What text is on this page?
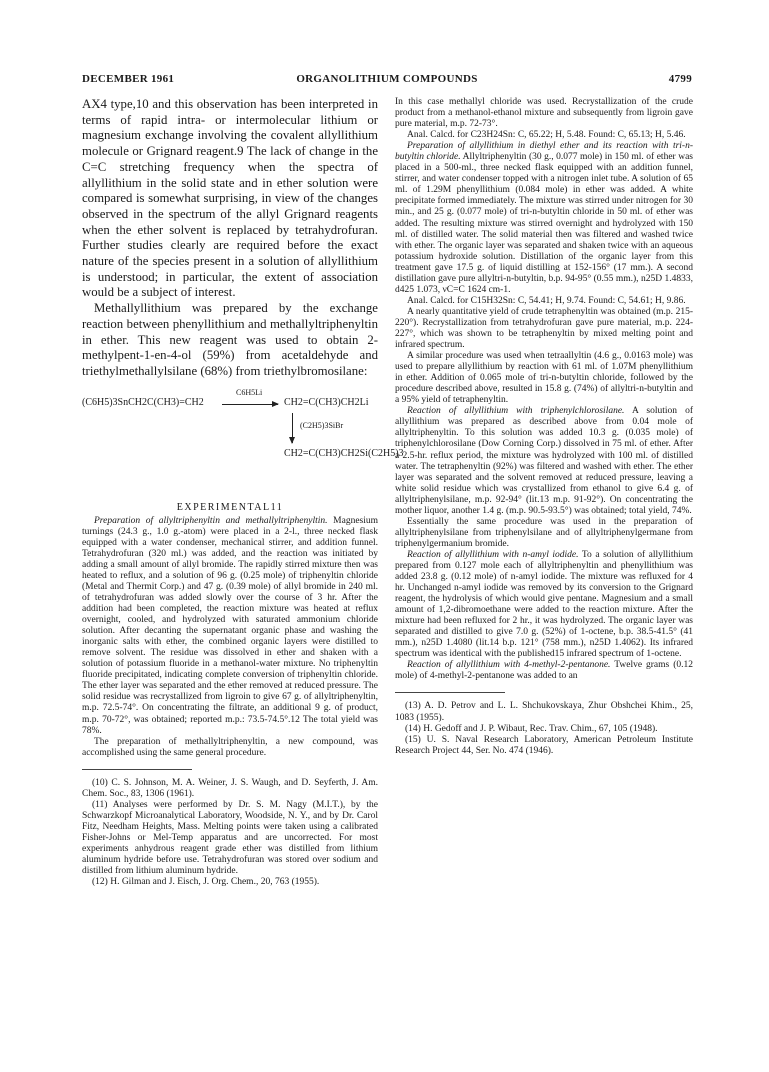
DECEMBER 1961	ORGANOLITHIUM COMPOUNDS	4799

AX4 type,10 and this observation has been interpreted in terms of rapid intra- or intermolecular lithium or magnesium exchange involving the covalent allyllithium molecule or Grignard reagent.9 The lack of change in the C=C stretching frequency when the spectra of allyllithium in the solid state and in ether solution were compared is somewhat surprising, in view of the changes observed in the spectrum of the allyl Grignard reagents when the ether solvent is replaced by tetrahydrofuran. Further studies clearly are required before the exact nature of the species present in a solution of allyllithium is understood; in particular, the extent of association would be a subject of interest.

Methallyllithium was prepared by the exchange reaction between phenyllithium and methallyltriphenyltin in ether. This new reagent was used to obtain 2-methylpent-1-en-4-ol (59%) from acetaldehyde and triethylmethallylsilane (68%) from triethylbromosilane:

(C6H5)3SnCH2C(CH3)=CH2
C6H5Li
CH2=C(CH3)CH2Li
(C2H5)3SiBr
CH2=C(CH3)CH2Si(C2H5)3
EXPERIMENTAL11

Preparation of allyltriphenyltin and methallyltriphenyltin. Magnesium turnings (24.3 g., 1.0 g.-atom) were placed in a 2-l., three necked flask equipped with a water condenser, mechanical stirrer, and addition funnel. Tetrahydrofuran (320 ml.) was added, and the reaction was initiated by adding a small amount of allyl bromide. The rapidly stirred mixture then was heated to reflux, and a solution of 96 g. (0.25 mole) of triphenyltin chloride (Metal and Thermit Corp.) and 47 g. (0.39 mole) of allyl bromide in 240 ml. of tetrahydrofuran was added slowly over the course of 3 hr. After the addition had been completed, the reaction mixture was heated at reflux overnight, cooled, and hydrolyzed with saturated ammonium chloride solution. After decanting the supernatant organic phase and washing the inorganic salts with ether, the combined organic layers were distilled to remove solvent. The residue was dissolved in ether and shaken with a solution of potassium fluoride in a methanol-water mixture. No triphenyltin fluoride precipitated, indicating complete conversion of triphenyltin chloride. The ether layer was separated and the ether removed at reduced pressure. The solid residue was recrystallized from ligroin to give 67 g. of allyltriphenyltin, m.p. 72.5-74°. On concentrating the filtrate, an additional 9 g. of product, m.p. 70-72°, was obtained; reported m.p.: 73.5-74.5°.12 The total yield was 78%.

The preparation of methallyltriphenyltin, a new compound, was accomplished using the same general procedure.

(10) C. S. Johnson, M. A. Weiner, J. S. Waugh, and D. Seyferth, J. Am. Chem. Soc., 83, 1306 (1961).

(11) Analyses were performed by Dr. S. M. Nagy (M.I.T.), by the Schwarzkopf Microanalytical Laboratory, Woodside, N. Y., and by Dr. Carol Fitz, Needham Heights, Mass. Melting points were taken using a calibrated Fisher-Johns or Mel-Temp apparatus and are uncorrected. For most experiments anhydrous reagent grade ether was distilled from lithium aluminum hydride before use. Tetrahydrofuran was stored over sodium and distilled from lithium aluminum hydride.

(12) H. Gilman and J. Eisch, J. Org. Chem., 20, 763 (1955).

In this case methallyl chloride was used. Recrystallization of the crude product from a methanol-ethanol mixture and subsequently from ligroin gave pure material, m.p. 72-73°.

Anal. Calcd. for C23H24Sn: C, 65.22; H, 5.48. Found: C, 65.13; H, 5.46.

Preparation of allyllithium in diethyl ether and its reaction with tri-n-butyltin chloride. Allyltriphenyltin (30 g., 0.077 mole) in 150 ml. of ether was placed in a 500-ml., three necked flask equipped with an addition funnel, stirrer, and water condenser topped with a nitrogen inlet tube. A solution of 65 ml. of 1.29M phenyllithium (0.084 mole) in ether was added. A white precipitate formed immediately. The mixture was stirred under nitrogen for 30 min., and 25 g. (0.077 mole) of tri-n-butyltin chloride in 50 ml. of ether was added. The resulting mixture was stirred overnight and hydrolyzed with 150 ml. of distilled water. The solid material then was filtered and washed twice with ether. The organic layer was separated and shaken twice with an aqueous potassium hydroxide solution. Distillation of the organic layer from this treatment gave 17.5 g. of liquid distilling at 152-156° (17 mm.). A second distillation gave pure allyltri-n-butyltin, b.p. 94-95° (0.55 mm.), n25D 1.4833, d425 1.073, νC=C 1624 cm-1.

Anal. Calcd. for C15H32Sn: C, 54.41; H, 9.74. Found: C, 54.61; H, 9.86.

A nearly quantitative yield of crude tetraphenyltin was obtained (m.p. 215-220°). Recrystallization from tetrahydrofuran gave pure material, m.p. 224-227°, which was shown to be tetraphenyltin by mixed melting point and infrared spectrum.

A similar procedure was used when tetraallyltin (4.6 g., 0.0163 mole) was used to prepare allyllithium by reaction with 61 ml. of 1.07M phenyllithium in ether. Addition of 0.065 mole of tri-n-butyltin chloride, followed by the procedure described above, resulted in 15.8 g. (74%) of allyltri-n-butyltin and a 95% yield of tetraphenyltin.

Reaction of allyllithium with triphenylchlorosilane. A solution of allyllithium was prepared as described above from 0.04 mole of allyltriphenyltin. To this solution was added 10.3 g. (0.035 mole) of triphenylchlorosilane (Dow Corning Corp.) dissolved in 75 ml. of ether. After a 2.5-hr. reflux period, the mixture was hydrolyzed with 100 ml. of distilled water. The tetraphenyltin (92%) was filtered and washed with ether. The ether layer was separated and the solvent removed at reduced pressure, leaving a white solid residue which was crystallized from ethanol to give 6.4 g. of allyltriphenylsilane, m.p. 92-94° (lit.13 m.p. 91-92°). On concentrating the mother liquor, another 1.4 g. (m.p. 90.5-93.5°) was obtained; total yield, 74%.

Essentially the same procedure was used in the preparation of allyltriphenylsilane from triphenylsilane and of allyltriphenylgermane from triphenylgermanium bromide.

Reaction of allyllithium with n-amyl iodide. To a solution of allyllithium prepared from 0.127 mole each of allyltriphenyltin and phenyllithium was added 23.8 g. (0.12 mole) of n-amyl iodide. The mixture was refluxed for 4 hr. Unchanged n-amyl iodide was removed by its conversion to the Grignard reagent, the hydrolysis of which would give pentane. Magnesium and a small amount of 1,2-dibromoethane were added to the reaction mixture. After the mixture had been refluxed for 2 hr., it was hydrolyzed. The organic layer was separated and distilled to give 7.0 g. (52%) of 1-octene, b.p. 38.5-41.5° (41 mm.), n25D 1.4080 (lit.14 b.p. 121° (758 mm.), n25D 1.4062). Its infrared spectrum was identical with the published15 infrared spectrum of 1-octene.

Reaction of allyllithium with 4-methyl-2-pentanone. Twelve grams (0.12 mole) of 4-methyl-2-pentanone was added to an

(13) A. D. Petrov and L. L. Shchukovskaya, Zhur Obshchei Khim., 25, 1083 (1955).

(14) H. Gedoff and J. P. Wibaut, Rec. Trav. Chim., 67, 105 (1948).

(15) U. S. Naval Research Laboratory, American Petroleum Institute Research Project 44, Ser. No. 474 (1946).
